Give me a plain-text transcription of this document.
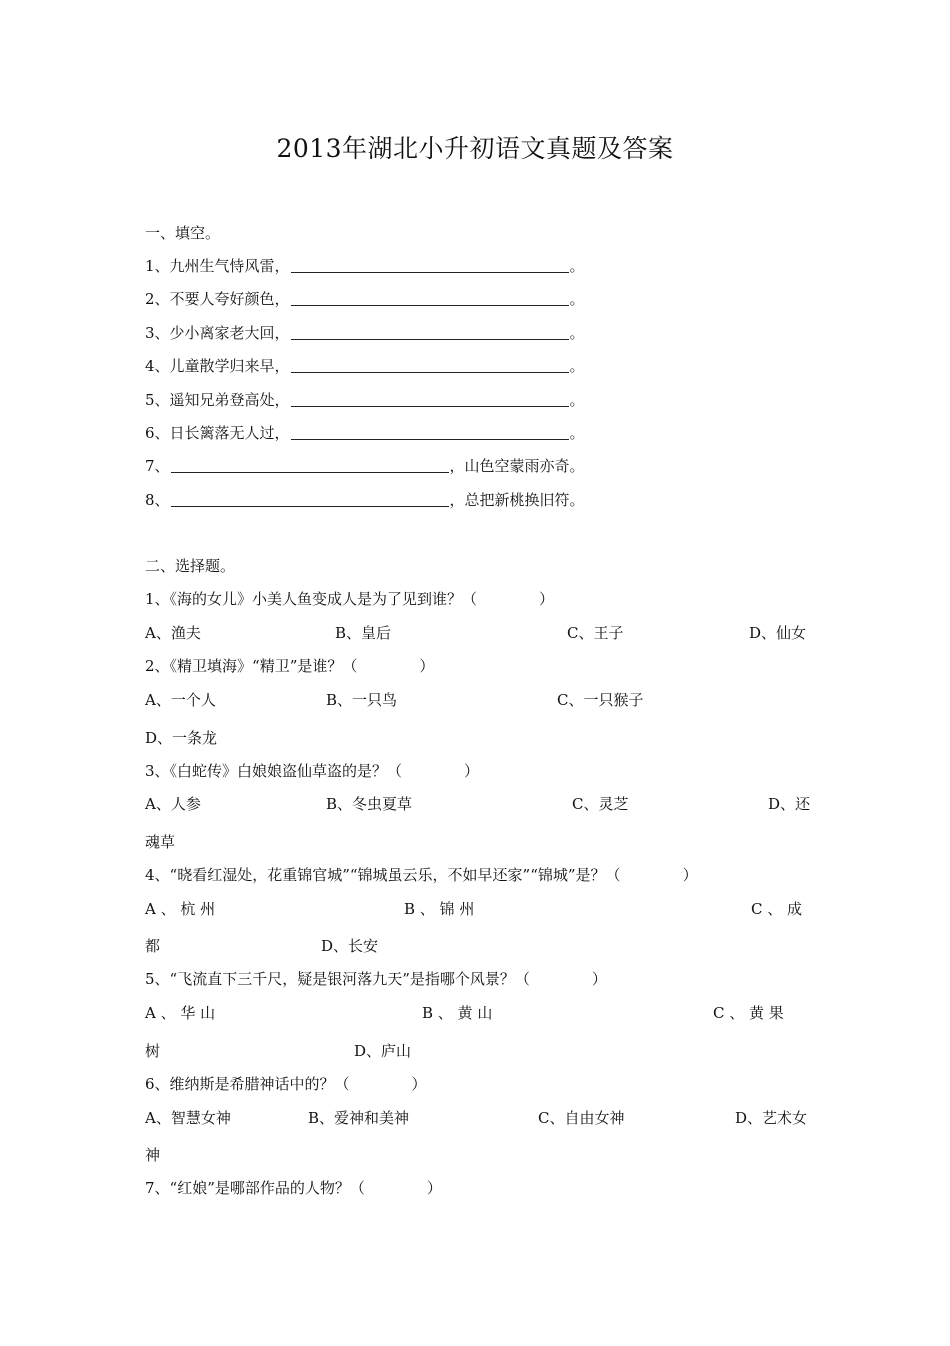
2013年湖北小升初语文真题及答案
一、填空。
1、九州生气恃风雷，	。
2、不要人夸好颜色，	。
3、少小离家老大回，	。
4、儿童散学归来早，	。
5、遥知兄弟登高处，	。
6、日长篱落无人过，	。
7、	，山色空蒙雨亦奇。
8、	，总把新桃换旧符。
二、选择题。
1、《海的女儿》小美人鱼变成人是为了见到谁？（	）
A、渔夫	B、皇后	C、王子	D、仙女
2、《精卫填海》“精卫”是谁？（	）
A、一个人	B、一只鸟	C、一只猴子
D、一条龙
3、《白蛇传》白娘娘盗仙草盗的是？（	）
A、人参	B、冬虫夏草	C、灵芝	D、还
魂草
4、“晓看红湿处，花重锦官城”“锦城虽云乐，不如早还家”“锦城”是？（	）
A 、 杭 州	B 、 锦 州	C 、 成
都	D、长安
5、“飞流直下三千尺，疑是银河落九天”是指哪个风景？（	）
A 、 华 山	B 、 黄 山	C 、 黄 果
树	D、庐山
6、维纳斯是希腊神话中的？（	）
A、智慧女神	B、爱神和美神	C、自由女神	D、艺术女
神
7、“红娘”是哪部作品的人物？（	）
